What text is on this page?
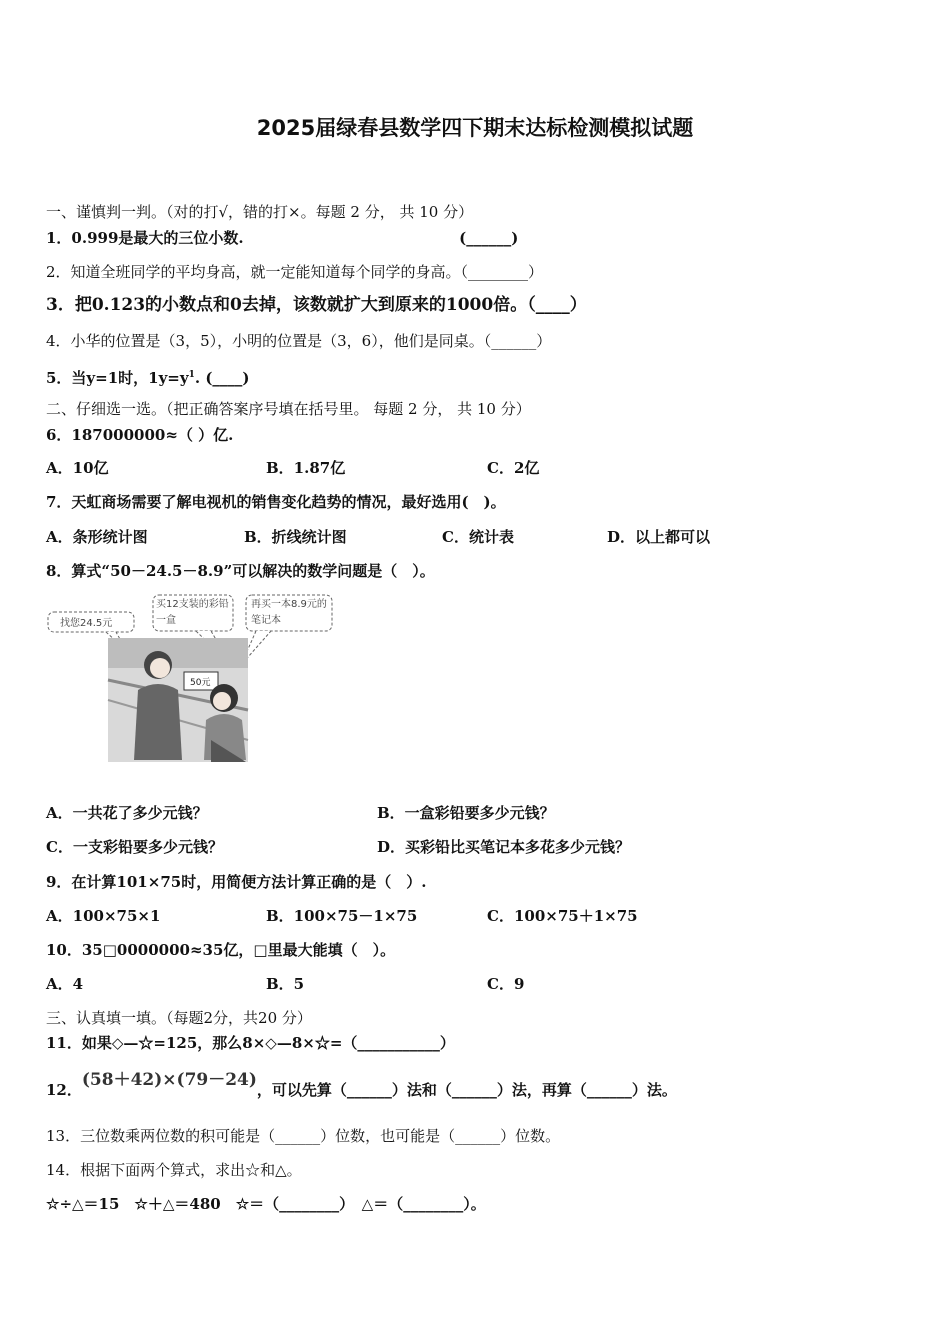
2025届绿春县数学四下期末达标检测模拟试题
一、谨慎判一判。（对的打√，错的打×。每题 2 分， 共 10 分）
1．0.999是最大的三位小数.	(______)
2．知道全班同学的平均身高，就一定能知道每个同学的身高。（________）
3．把0.123的小数点和0去掉，该数就扩大到原来的1000倍。（____）
4．小华的位置是（3，5），小明的位置是（3，6），他们是同桌。（______）
5．当y=1时，$1y=y^1$. (____)
二、仔细选一选。（把正确答案序号填在括号里。 每题 2 分， 共 10 分）
6．187000000≈（ ）亿.
A．10亿	B．1.87亿	C．2亿
7．天虹商场需要了解电视机的销售变化趋势的情况，最好选用(　)。
A．条形统计图	B．折线统计图	C．统计表	D．以上都可以
8．算式“50－24.5－8.9”可以解决的数学问题是（　）。
找您24.5元
买12支装的彩铅一盒
再买一本8.9元的笔记本
50元
A．一共花了多少元钱？	B．一盒彩铅要多少元钱？
C．一支彩铅要多少元钱？	D．买彩铅比买笔记本多花多少元钱？
9．在计算101×75时，用简便方法计算正确的是（　）.
A．100×75×1	B．100×75－1×75	C．100×75＋1×75
10．35□0000000≈35亿，□里最大能填（　）。
A．4	B．5	C．9
三、认真填一填。（每题2分，共20 分）
11．如果◇—☆=125，那么8×◇—8×☆=（___________）
12．(58＋42)×(79－24)，可以先算（______）法和（______）法，再算（______）法。
13．三位数乘两位数的积可能是（______）位数，也可能是（______）位数。
14．根据下面两个算式，求出☆和△。
☆÷△＝15　☆＋△＝480　☆＝（________）　△＝（________）。
